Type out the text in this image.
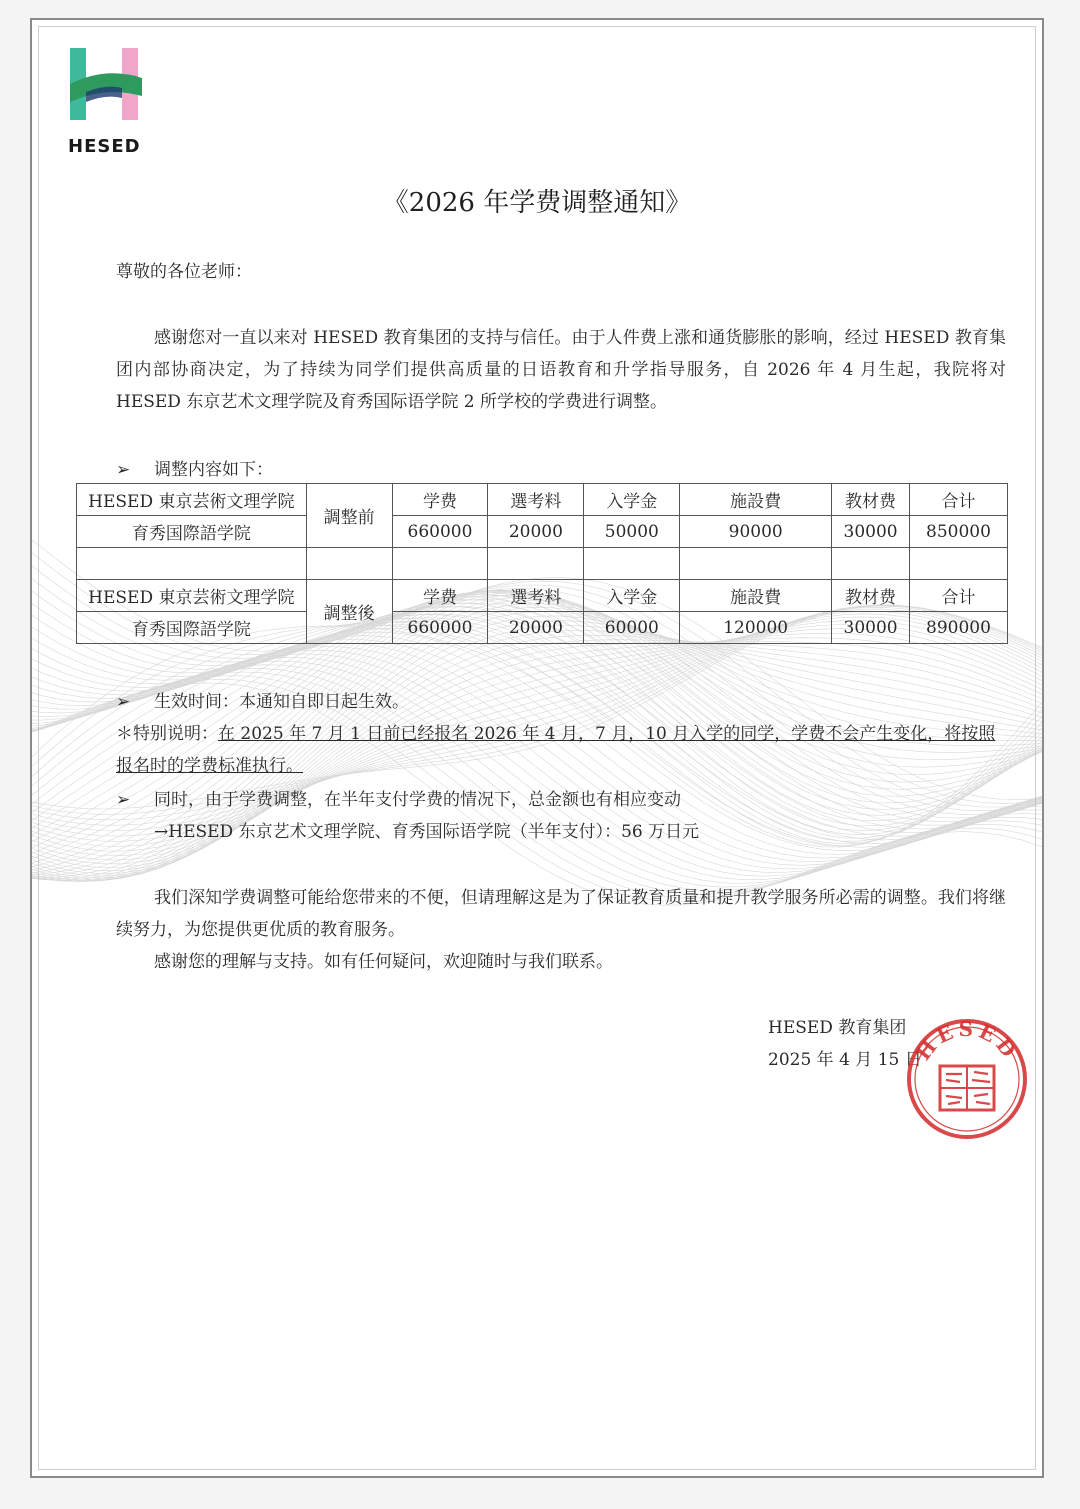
HESED
《2026 年学费调整通知》
尊敬的各位老师：
感谢您对一直以来对 HESED 教育集团的支持与信任。由于人件费上涨和通货膨胀的影响，经过 HESED 教育集团内部协商决定，为了持续为同学们提供高质量的日语教育和升学指导服务，自 2026 年 4 月生起，我院将对 HESED 东京艺术文理学院及育秀国际语学院 2 所学校的学费进行调整。
➢ 调整内容如下：
HESED 東京芸術文理学院	調整前	学费	選考料	入学金	施設費	教材费	合计
育秀国際語学院		660000	20000	50000	90000	30000	850000

HESED 東京芸術文理学院	調整後	学费	選考料	入学金	施設費	教材费	合计
育秀国際語学院		660000	20000	60000	120000	30000	890000
➢ 生效时间：本通知自即日起生效。
＊特别说明：在 2025 年 7 月 1 日前已经报名 2026 年 4 月，7 月，10 月入学的同学，学费不会产生变化，将按照报名时的学费标准执行。
➢ 同时，由于学费调整，在半年支付学费的情况下，总金额也有相应变动
→HESED 东京艺术文理学院、育秀国际语学院（半年支付）：56 万日元
我们深知学费调整可能给您带来的不便，但请理解这是为了保证教育质量和提升教学服务所必需的调整。我们将继续努力，为您提供更优质的教育服务。
感谢您的理解与支持。如有任何疑问，欢迎随时与我们联系。
HESED 教育集团
2025 年 4 月 15 日
HESED
